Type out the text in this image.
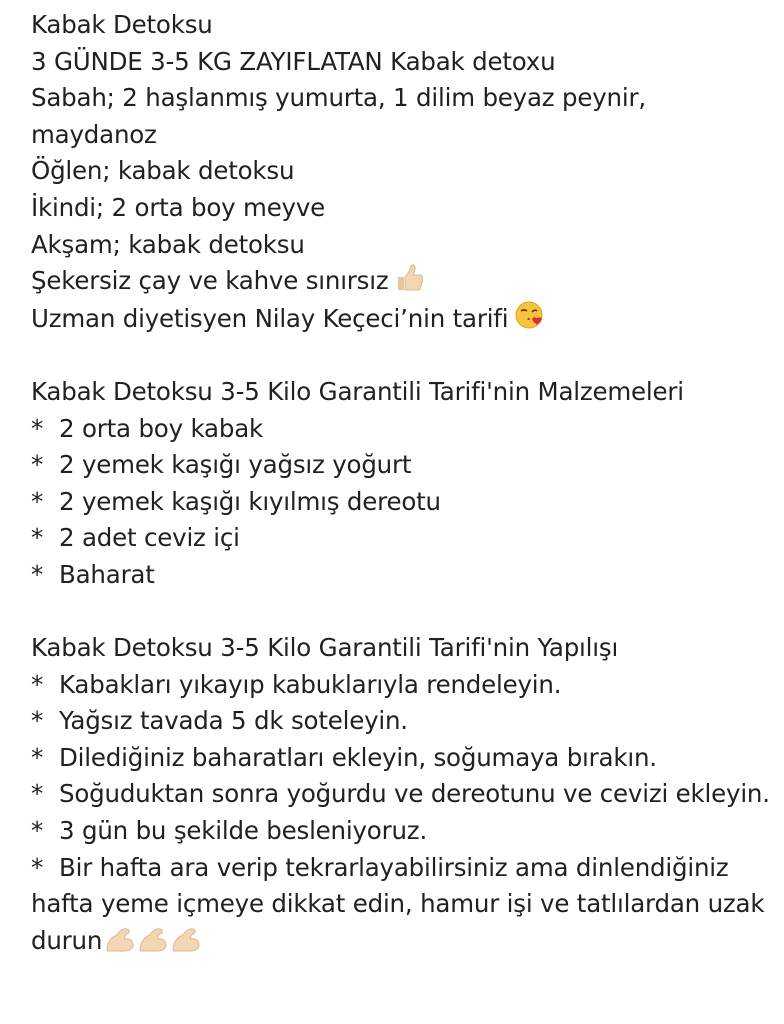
Kabak Detoksu
3 GÜNDE 3-5 KG ZAYIFLATAN Kabak detoxu
Sabah; 2 haşlanmış yumurta, 1 dilim beyaz peynir, maydanoz
Öğlen; kabak detoksu
İkindi; 2 orta boy meyve
Akşam; kabak detoksu
Şekersiz çay ve kahve sınırsız
Uzman diyetisyen Nilay Keçeci’nin tarifi
Kabak Detoksu 3-5 Kilo Garantili Tarifi'nin Malzemeleri
* 2 orta boy kabak
* 2 yemek kaşığı yağsız yoğurt
* 2 yemek kaşığı kıyılmış dereotu
* 2 adet ceviz içi
* Baharat
Kabak Detoksu 3-5 Kilo Garantili Tarifi'nin Yapılışı
* Kabakları yıkayıp kabuklarıyla rendeleyin.
* Yağsız tavada 5 dk soteleyin.
* Dilediğiniz baharatları ekleyin, soğumaya bırakın.
* Soğuduktan sonra yoğurdu ve dereotunu ve cevizi ekleyin.
* 3 gün bu şekilde besleniyoruz.
* Bir hafta ara verip tekrarlayabilirsiniz ama dinlendiğiniz hafta yeme içmeye dikkat edin, hamur işi ve tatlılardan uzak durun
